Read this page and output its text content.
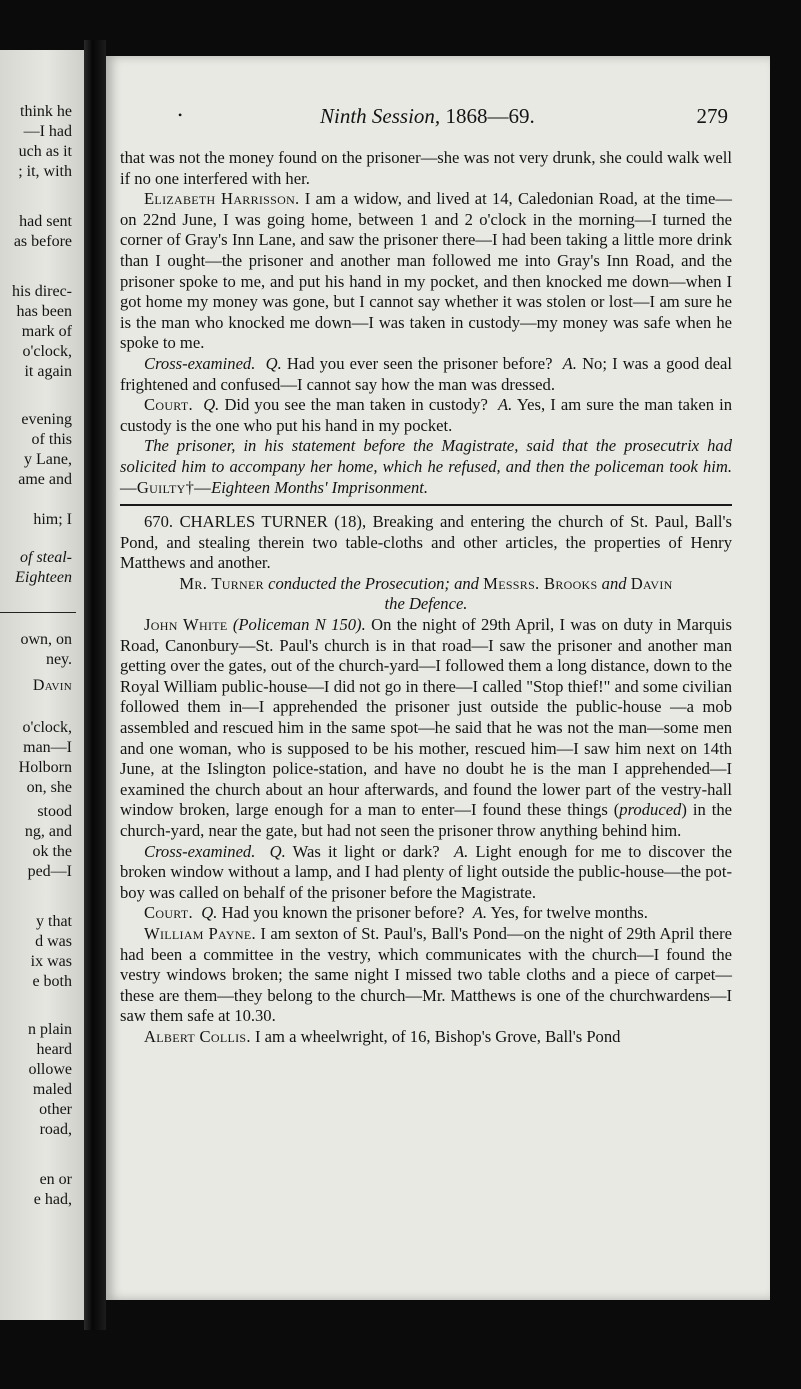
think he
—I had
uch as it
; it, with
had sent
as before
his direc-
has been
mark of
o'clock,
it again
evening
of this
y Lane,
ame and
him; I
of steal-
Eighteen
own, on
ney.
Davin
o'clock,
man—I
Holborn
on, she
stood
ng, and
ok the
ped—I
y that
d was
ix was
e both
n plain
heard
ollowe
maled
other
road,
en or
e had,
•	Ninth Session, 1868—69.	279

that was not the money found on the prisoner—she was not very drunk, she could walk well if no one interfered with her.

Elizabeth Harrisson. I am a widow, and lived at 14, Caledonian Road, at the time—on 22nd June, I was going home, between 1 and 2 o'clock in the morning—I turned the corner of Gray's Inn Lane, and saw the prisoner there—I had been taking a little more drink than I ought—the prisoner and another man followed me into Gray's Inn Road, and the prisoner spoke to me, and put his hand in my pocket, and then knocked me down—when I got home my money was gone, but I cannot say whether it was stolen or lost—I am sure he is the man who knocked me down—I was taken in custody—my money was safe when he spoke to me.

Cross-examined. Q. Had you ever seen the prisoner before? A. No; I was a good deal frightened and confused—I cannot say how the man was dressed.

Court. Q. Did you see the man taken in custody? A. Yes, I am sure the man taken in custody is the one who put his hand in my pocket.

The prisoner, in his statement before the Magistrate, said that the prosecutrix had solicited him to accompany her home, which he refused, and then the policeman took him.—Guilty†—Eighteen Months' Imprisonment.

670. CHARLES TURNER (18), Breaking and entering the church of St. Paul, Ball's Pond, and stealing therein two table-cloths and other articles, the properties of Henry Matthews and another.

Mr. Turner conducted the Prosecution; and Messrs. Brooks and Davin
the Defence.

John White (Policeman N 150). On the night of 29th April, I was on duty in Marquis Road, Canonbury—St. Paul's church is in that road—I saw the prisoner and another man getting over the gates, out of the church-yard—I followed them a long distance, down to the Royal William public-house—I did not go in there—I called "Stop thief!" and some civilian followed them in—I apprehended the prisoner just outside the public-house —a mob assembled and rescued him in the same spot—he said that he was not the man—some men and one woman, who is supposed to be his mother, rescued him—I saw him next on 14th June, at the Islington police-station, and have no doubt he is the man I apprehended—I examined the church about an hour afterwards, and found the lower part of the vestry-hall window broken, large enough for a man to enter—I found these things (produced) in the church-yard, near the gate, but had not seen the prisoner throw anything behind him.

Cross-examined. Q. Was it light or dark? A. Light enough for me to discover the broken window without a lamp, and I had plenty of light outside the public-house—the pot-boy was called on behalf of the prisoner before the Magistrate.

Court. Q. Had you known the prisoner before? A. Yes, for twelve months.

William Payne. I am sexton of St. Paul's, Ball's Pond—on the night of 29th April there had been a committee in the vestry, which communicates with the church—I found the vestry windows broken; the same night I missed two table cloths and a piece of carpet—these are them—they belong to the church—Mr. Matthews is one of the churchwardens—I saw them safe at 10.30.

Albert Collis. I am a wheelwright, of 16, Bishop's Grove, Ball's Pond
